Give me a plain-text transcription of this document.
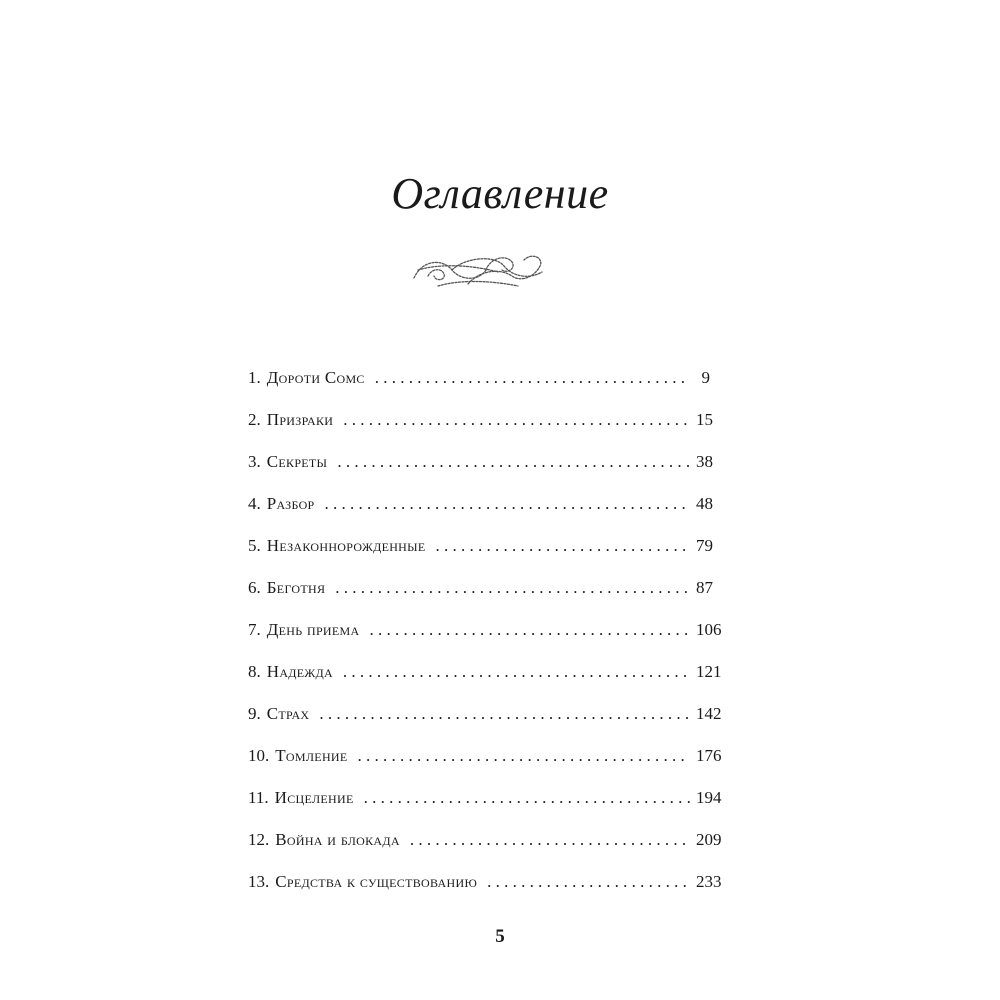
Оглавление
1. Дороти Сомс . . .	9
2. Призраки . . .	15
3. Секреты . . .	38
4. Разбор . . .	48
5. Незаконнорожденные . . .	79
6. Беготня . . .	87
7. День приема . . .	106
8. Надежда . . .	121
9. Страх . . .	142
10. Томление . . .	176
11. Исцеление . . .	194
12. Война и блокада . . .	209
13. Средства к существованию . . .	233
5
